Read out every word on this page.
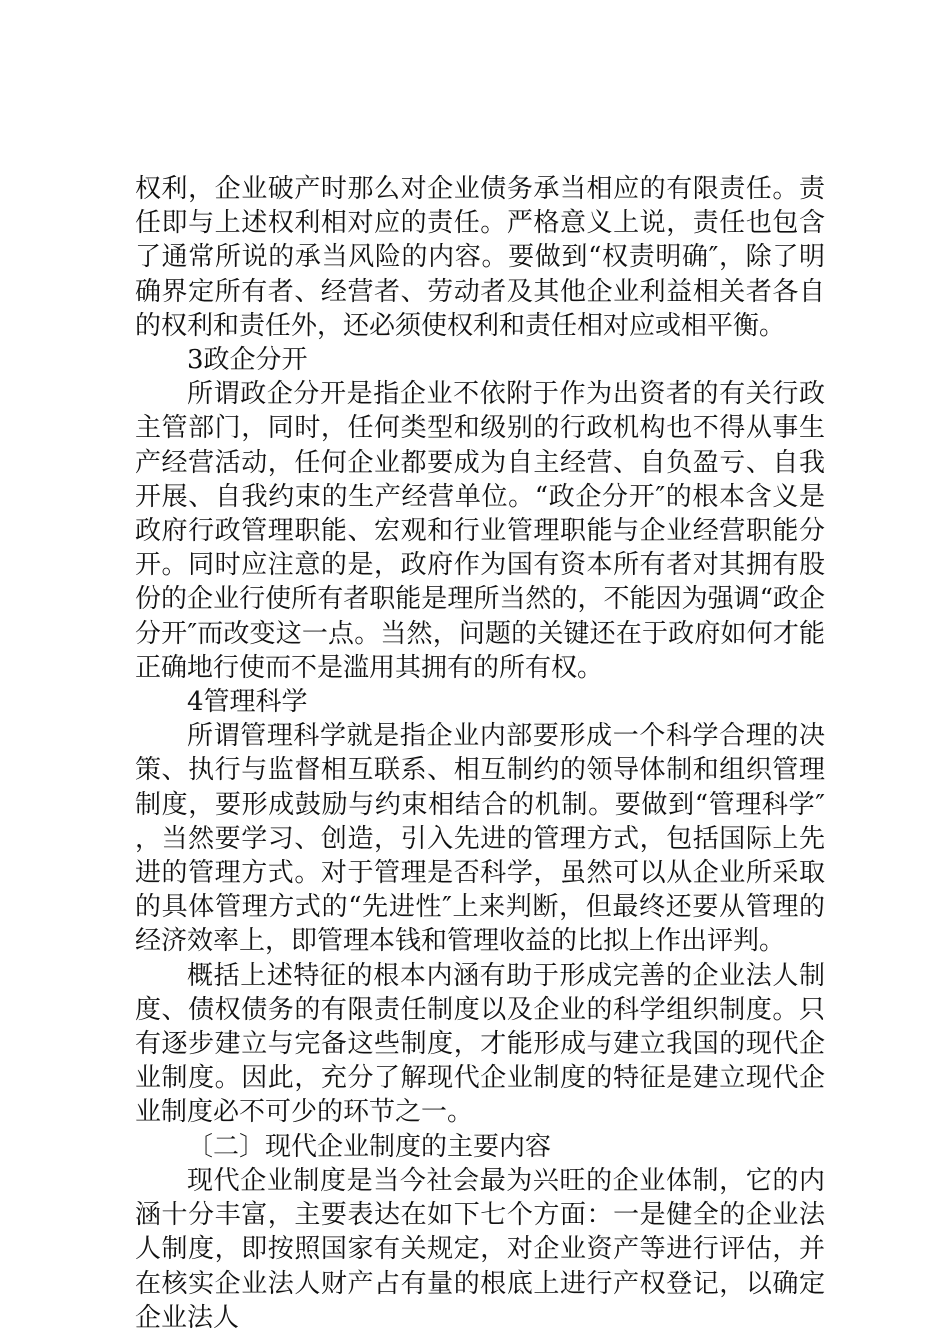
权利，企业破产时那么对企业债务承当相应的有限责任。责任即与上述权利相对应的责任。严格意义上说，责任也包含了通常所说的承当风险的内容。要做到“权责明确″，除了明确界定所有者、经营者、劳动者及其他企业利益相关者各自的权利和责任外，还必须使权利和责任相对应或相平衡。

3政企分开

所谓政企分开是指企业不依附于作为出资者的有关行政主管部门，同时，任何类型和级别的行政机构也不得从事生产经营活动，任何企业都要成为自主经营、自负盈亏、自我开展、自我约束的生产经营单位。“政企分开″的根本含义是政府行政管理职能、宏观和行业管理职能与企业经营职能分开。同时应注意的是，政府作为国有资本所有者对其拥有股份的企业行使所有者职能是理所当然的，不能因为强调“政企分开″而改变这一点。当然，问题的关键还在于政府如何才能正确地行使而不是滥用其拥有的所有权。

4管理科学

所谓管理科学就是指企业内部要形成一个科学合理的决策、执行与监督相互联系、相互制约的领导体制和组织管理制度，要形成鼓励与约束相结合的机制。要做到“管理科学″，当然要学习、创造，引入先进的管理方式，包括国际上先进的管理方式。对于管理是否科学，虽然可以从企业所采取的具体管理方式的“先进性″上来判断，但最终还要从管理的经济效率上，即管理本钱和管理收益的比拟上作出评判。

概括上述特征的根本内涵有助于形成完善的企业法人制度、债权债务的有限责任制度以及企业的科学组织制度。只有逐步建立与完备这些制度，才能形成与建立我国的现代企业制度。因此，充分了解现代企业制度的特征是建立现代企业制度必不可少的环节之一。

〔二〕现代企业制度的主要内容

现代企业制度是当今社会最为兴旺的企业体制，它的内涵十分丰富，主要表达在如下七个方面：一是健全的企业法人制度，即按照国家有关规定，对企业资产等进行评估，并在核实企业法人财产占有量的根底上进行产权登记，以确定企业法人
